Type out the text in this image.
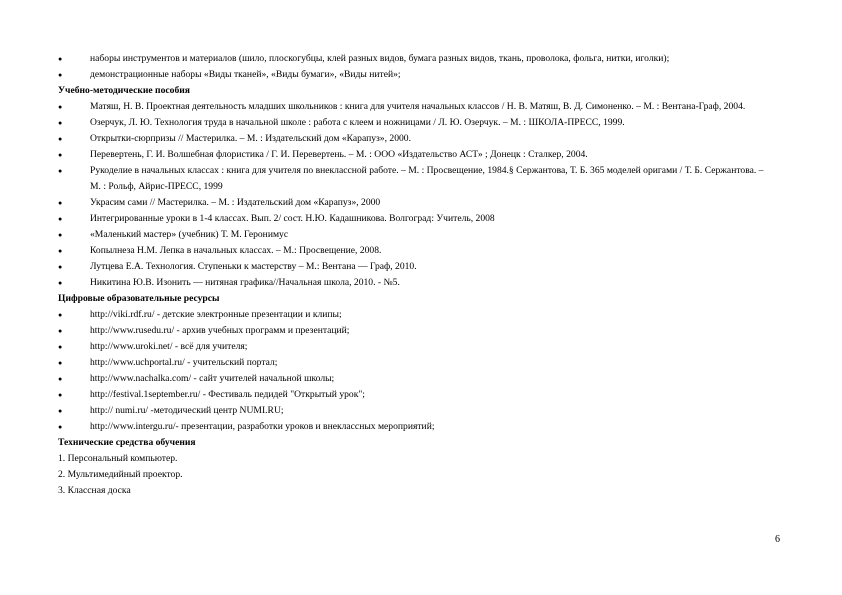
●	наборы инструментов и материалов (шило, плоскогубцы, клей разных видов, бумага разных видов, ткань, проволока, фольга, нитки, иголки);
●	демонстрационные наборы «Виды тканей», «Виды бумаги», «Виды нитей»;
Учебно-методические пособия
●	Матяш, Н. В. Проектная деятельность младших школьников : книга для учителя начальных классов / Н. В. Матяш, В. Д. Симоненко. – М. : Вентана-Граф, 2004.
●	Озерчук, Л. Ю. Технология труда в начальной школе : работа с клеем и ножницами / Л. Ю. Озерчук. – М. : ШКОЛА-ПРЕСС, 1999.
●	Открытки-сюрпризы // Мастерилка. – М. : Издательский дом «Карапуз», 2000.
●	Перевертень, Г. И. Волшебная флористика / Г. И. Перевертень. – М. : ООО «Издательство АСТ» ; Донецк : Сталкер, 2004.
●	Рукоделие в начальных классах : книга для учителя по внеклассной работе. – М. : Просвещение, 1984.§ Сержантова, Т. Б. 365 моделей оригами / Т. Б. Сержантова. – М. : Рольф, Айрис-ПРЕСС, 1999
●	Украсим сами // Мастерилка. – М. : Издательский дом «Карапуз», 2000
●	Интегрированные уроки в 1-4 классах. Вып. 2/ сост. Н.Ю. Кадашникова. Волгоград: Учитель, 2008
●	«Маленький мастер» (учебник) Т. М. Геронимус
●	Копылнеза Н.М. Лепка в начальных классах. – М.: Просвещение, 2008.
●	Лутцева Е.А. Технология. Ступеньки к мастерству – М.: Вентана — Граф, 2010.
●	Никитина Ю.В. Изонить — нитяная графика//Начальная школа, 2010. - №5.
Цифровые образовательные ресурсы
●	http://viki.rdf.ru/ - детские электронные презентации и клипы;
●	http://www.rusedu.ru/ - архив учебных программ и презентаций;
●	http://www.uroki.net/ - всё для учителя;
●	http://www.uchportal.ru/ - учительский портал;
●	http://www.nachalka.com/ - сайт учителей начальной школы;
●	http://festival.1september.ru/ - Фестиваль педидей "Открытый урок";
●	http:// numi.ru/ -методический центр NUMI.RU;
●	http://www.intergu.ru/- презентации, разработки уроков и внеклассных мероприятий;
Технические средства обучения
1. Персональный компьютер.
2. Мультимедийный проектор.
3. Классная доска
6
